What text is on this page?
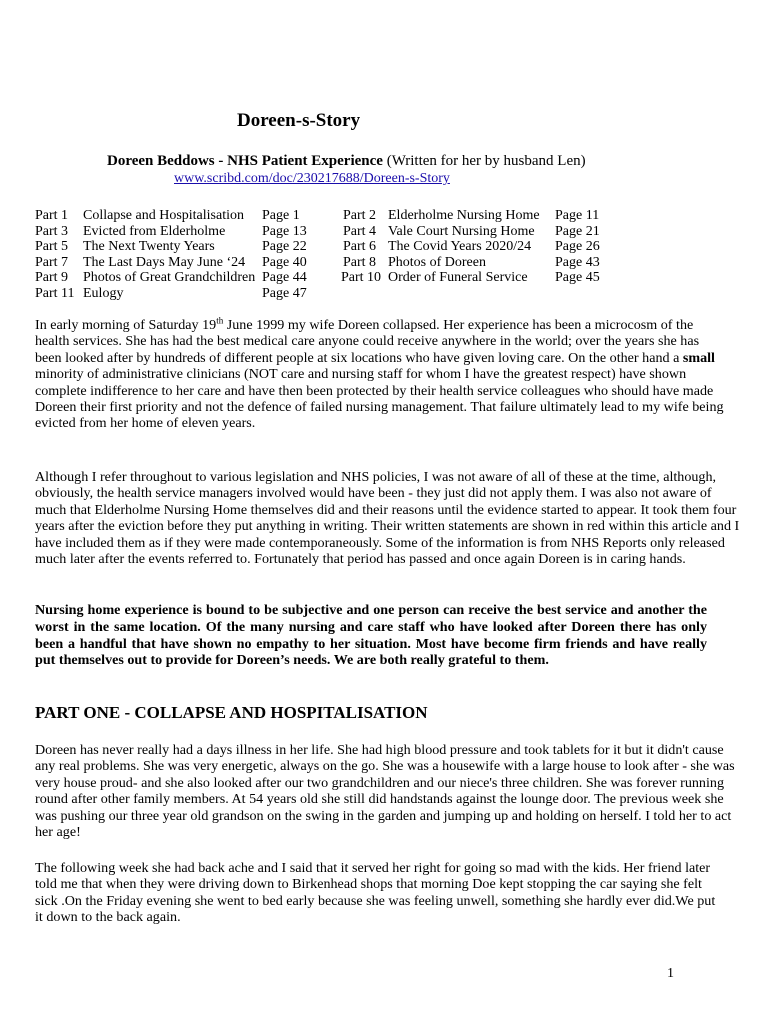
Doreen-s-Story
Doreen Beddows - NHS Patient Experience (Written for her by husband Len)
www.scribd.com/doc/230217688/Doreen-s-Story
Part 1 Collapse and Hospitalisation Page 1	Part 2 Elderholme Nursing Home Page 11
Part 3 Evicted from Elderholme	Page 13	Part 4 Vale Court Nursing Home Page 21
Part 5 The Next Twenty Years	Page 22	Part 6 The Covid Years 2020/24 Page 26
Part 7 The Last Days May June ‘24 Page 40	Part 8 Photos of Doreen	Page 43
Part 9 Photos of Great Grandchildren Page 44 Part 10 Order of Funeral Service Page 45
Part 11 Eulogy	Page 47

In early morning of Saturday 19th June 1999 my wife Doreen collapsed. Her experience has been a microcosm of the health services. She has had the best medical care anyone could receive anywhere in the world; over the years she has been looked after by hundreds of different people at six locations who have given loving care. On the other hand a small minority of administrative clinicians (NOT care and nursing staff for whom I have the greatest respect) have shown complete indifference to her care and have then been protected by their health service colleagues who should have made Doreen their first priority and not the defence of failed nursing management. That failure ultimately lead to my wife being evicted from her home of eleven years.

Although I refer throughout to various legislation and NHS policies, I was not aware of all of these at the time, although, obviously, the health service managers involved would have been - they just did not apply them. I was also not aware of much that Elderholme Nursing Home themselves did and their reasons until the evidence started to appear. It took them four years after the eviction before they put anything in writing. Their written statements are shown in red within this article and I have included them as if they were made contemporaneously. Some of the information is from NHS Reports only released much later after the events referred to. Fortunately that period has passed and once again Doreen is in caring hands.

Nursing home experience is bound to be subjective and one person can receive the best service and another the worst in the same location. Of the many nursing and care staff who have looked after Doreen there has only been a handful that have shown no empathy to her situation. Most have become firm friends and have really put themselves out to provide for Doreen’s needs. We are both really grateful to them.

PART ONE - COLLAPSE AND HOSPITALISATION

Doreen has never really had a days illness in her life. She had high blood pressure and took tablets for it but it didn't cause any real problems. She was very energetic, always on the go. She was a housewife with a large house to look after - she was very house proud- and she also looked after our two grandchildren and our niece's three children. She was forever running round after other family members. At 54 years old she still did handstands against the lounge door. The previous week she was pushing our three year old grandson on the swing in the garden and jumping up and holding on herself. I told her to act her age!

The following week she had back ache and I said that it served her right for going so mad with the kids. Her friend later told me that when they were driving down to Birkenhead shops that morning Doe kept stopping the car saying she felt sick .On the Friday evening she went to bed early because she was feeling unwell, something she hardly ever did.We put it down to the back again.

1
